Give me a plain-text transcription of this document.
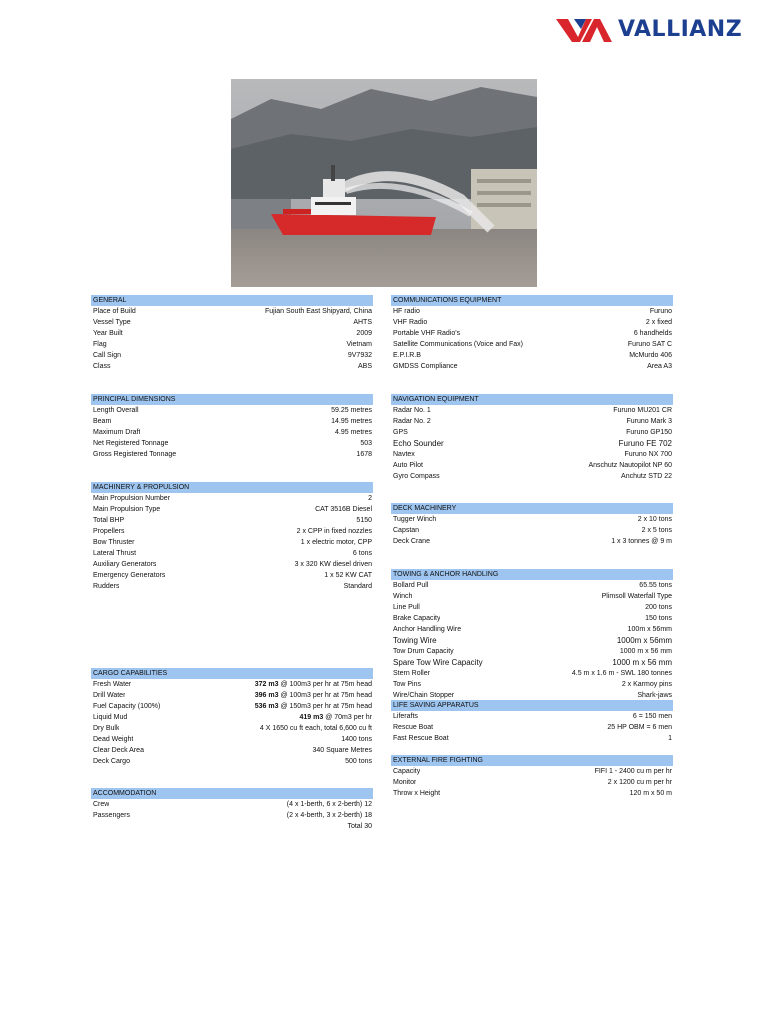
VALLIANZ
GENERAL
Place of Build	Fujian South East Shipyard, China
Vessel Type	AHTS
Year Built	2009
Flag	Vietnam
Call Sign	9V7932
Class	ABS
PRINCIPAL DIMENSIONS
Length Overall	59.25 metres
Beam	14.95 metres
Maximum Draft	4.95 metres
Net Registered Tonnage	503
Gross Registered Tonnage	1678
MACHINERY & PROPULSION
Main Propulsion Number	2
Main Propulsion Type	CAT 3516B Diesel
Total BHP	5150
Propellers	2 x CPP in fixed nozzles
Bow Thruster	1 x electric motor, CPP
Lateral Thrust	6 tons
Auxiliary Generators	3 x 320 KW diesel driven
Emergency Generators	1 x 52 KW CAT
Rudders	Standard
CARGO CAPABILITIES
Fresh Water	372 m3 @ 100m3 per hr at 75m head
Drill Water	396 m3 @ 100m3 per hr at 75m head
Fuel Capacity (100%)	536 m3 @ 150m3 per hr at 75m head
Liquid Mud	419 m3 @ 70m3 per hr
Dry Bulk	4 X 1650 cu ft each, total 6,600 cu ft
Dead Weight	1400 tons
Clear Deck Area	340 Square Metres
Deck Cargo	500 tons
ACCOMMODATION
Crew	(4 x 1-berth, 6 x 2-berth) 12
Passengers	(2 x 4-berth, 3 x 2-berth) 18
Total 30
COMMUNICATIONS EQUIPMENT
HF radio	Furuno
VHF Radio	2 x fixed
Portable VHF Radio's	6 handhelds
Satellite Communications (Voice and Fax)	Furuno SAT C
E.P.I.R.B	McMurdo 406
GMDSS Compliance	Area A3
NAVIGATION EQUIPMENT
Radar No. 1	Furuno MU201 CR
Radar No. 2	Furuno Mark 3
GPS	Furuno GP150
Echo Sounder	Furuno FE 702
Navtex	Furuno NX 700
Auto Pilot	Anschutz Nautopilot NP 60
Gyro Compass	Anchutz STD 22
DECK MACHINERY
Tugger Winch	2 x 10 tons
Capstan	2 x 5 tons
Deck Crane	1 x 3 tonnes @ 9 m
TOWING & ANCHOR HANDLING
Bollard Pull	65.55 tons
Winch	Plimsoll Waterfall Type
Line Pull	200 tons
Brake Capacity	150 tons
Anchor Handling Wire	100m x 56mm
Towing Wire	1000m x 56mm
Tow Drum Capacity	1000 m x 56 mm
Spare Tow Wire Capacity	1000 m x 56 mm
Stern Roller	4.5 m x 1.6 m - SWL 180 tonnes
Tow Pins	2 x Karmoy pins
Wire/Chain Stopper	Shark-jaws
LIFE SAVING APPARATUS
Liferafts	6 = 150 men
Rescue Boat	25 HP OBM = 6 men
Fast Rescue Boat	1
EXTERNAL FIRE FIGHTING
Capacity	FIFI 1 - 2400 cu m per hr
Monitor	2 x 1200 cu m per hr
Throw x Height	120 m x 50 m
